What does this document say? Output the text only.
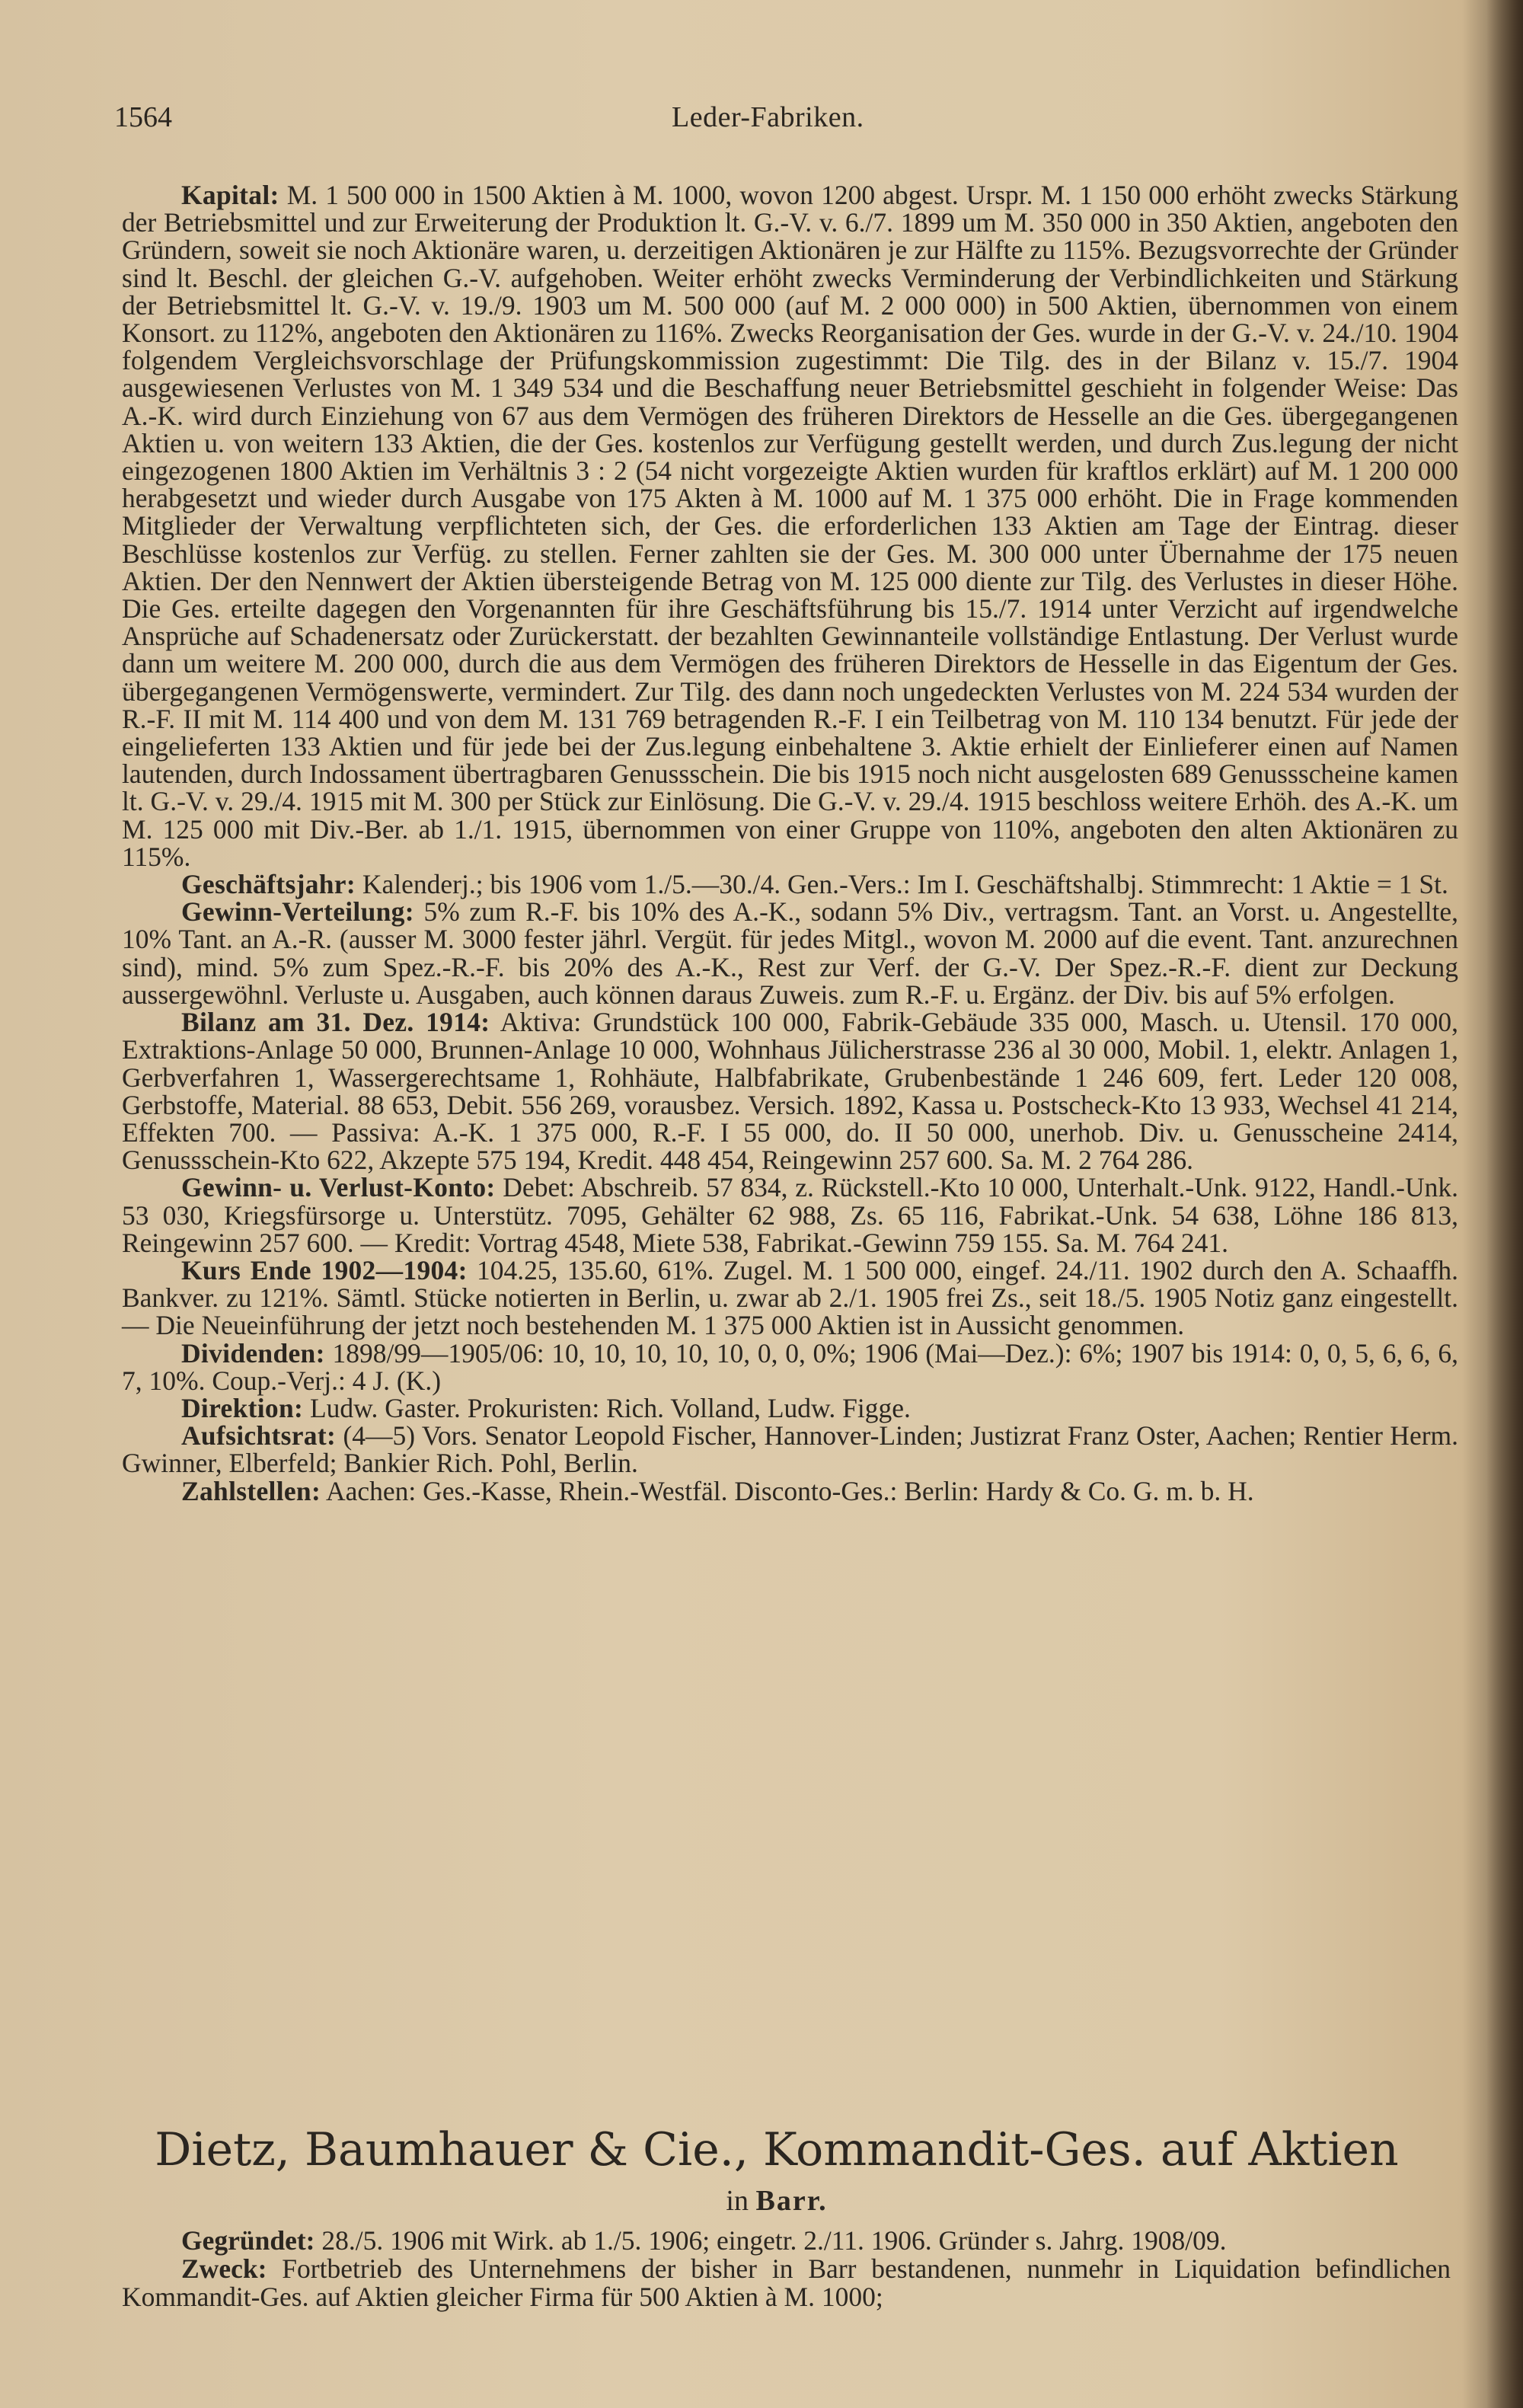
1564	Leder-Fabriken.

Kapital: M. 1 500 000 in 1500 Aktien à M. 1000, wovon 1200 abgest. Urspr. M. 1 150 000 erhöht zwecks Stärkung der Betriebsmittel und zur Erweiterung der Produktion lt. G.-V. v. 6./7. 1899 um M. 350 000 in 350 Aktien, angeboten den Gründern, soweit sie noch Aktionäre waren, u. derzeitigen Aktionären je zur Hälfte zu 115%. Bezugsvorrechte der Gründer sind lt. Beschl. der gleichen G.-V. aufgehoben. Weiter erhöht zwecks Verminderung der Verbindlichkeiten und Stärkung der Betriebsmittel lt. G.-V. v. 19./9. 1903 um M. 500 000 (auf M. 2 000 000) in 500 Aktien, übernommen von einem Konsort. zu 112%, angeboten den Aktionären zu 116%. Zwecks Reorganisation der Ges. wurde in der G.-V. v. 24./10. 1904 folgendem Vergleichsvorschlage der Prüfungskommission zugestimmt: Die Tilg. des in der Bilanz v. 15./7. 1904 ausgewiesenen Verlustes von M. 1 349 534 und die Beschaffung neuer Betriebsmittel geschieht in folgender Weise: Das A.-K. wird durch Einziehung von 67 aus dem Vermögen des früheren Direktors de Hesselle an die Ges. übergegangenen Aktien u. von weitern 133 Aktien, die der Ges. kostenlos zur Verfügung gestellt werden, und durch Zus.legung der nicht eingezogenen 1800 Aktien im Verhältnis 3 : 2 (54 nicht vorgezeigte Aktien wurden für kraftlos erklärt) auf M. 1 200 000 herabgesetzt und wieder durch Ausgabe von 175 Akten à M. 1000 auf M. 1 375 000 erhöht. Die in Frage kommenden Mitglieder der Verwaltung verpflichteten sich, der Ges. die erforderlichen 133 Aktien am Tage der Eintrag. dieser Beschlüsse kostenlos zur Verfüg. zu stellen. Ferner zahlten sie der Ges. M. 300 000 unter Übernahme der 175 neuen Aktien. Der den Nennwert der Aktien übersteigende Betrag von M. 125 000 diente zur Tilg. des Verlustes in dieser Höhe. Die Ges. erteilte dagegen den Vorgenannten für ihre Geschäftsführung bis 15./7. 1914 unter Verzicht auf irgendwelche Ansprüche auf Schadenersatz oder Zurückerstatt. der bezahlten Gewinnanteile vollständige Entlastung. Der Verlust wurde dann um weitere M. 200 000, durch die aus dem Vermögen des früheren Direktors de Hesselle in das Eigentum der Ges. übergegangenen Vermögenswerte, vermindert. Zur Tilg. des dann noch ungedeckten Verlustes von M. 224 534 wurden der R.-F. II mit M. 114 400 und von dem M. 131 769 betragenden R.-F. I ein Teilbetrag von M. 110 134 benutzt. Für jede der eingelieferten 133 Aktien und für jede bei der Zus.legung einbehaltene 3. Aktie erhielt der Einlieferer einen auf Namen lautenden, durch Indossament übertragbaren Genussschein. Die bis 1915 noch nicht ausgelosten 689 Genussscheine kamen lt. G.-V. v. 29./4. 1915 mit M. 300 per Stück zur Einlösung. Die G.-V. v. 29./4. 1915 beschloss weitere Erhöh. des A.-K. um M. 125 000 mit Div.-Ber. ab 1./1. 1915, übernommen von einer Gruppe von 110%, angeboten den alten Aktionären zu 115%.

Geschäftsjahr: Kalenderj.; bis 1906 vom 1./5.—30./4. Gen.-Vers.: Im I. Geschäftshalbj. Stimmrecht: 1 Aktie = 1 St.

Gewinn-Verteilung: 5% zum R.-F. bis 10% des A.-K., sodann 5% Div., vertragsm. Tant. an Vorst. u. Angestellte, 10% Tant. an A.-R. (ausser M. 3000 fester jährl. Vergüt. für jedes Mitgl., wovon M. 2000 auf die event. Tant. anzurechnen sind), mind. 5% zum Spez.-R.-F. bis 20% des A.-K., Rest zur Verf. der G.-V. Der Spez.-R.-F. dient zur Deckung aussergewöhnl. Verluste u. Ausgaben, auch können daraus Zuweis. zum R.-F. u. Ergänz. der Div. bis auf 5% erfolgen.

Bilanz am 31. Dez. 1914: Aktiva: Grundstück 100 000, Fabrik-Gebäude 335 000, Masch. u. Utensil. 170 000, Extraktions-Anlage 50 000, Brunnen-Anlage 10 000, Wohnhaus Jülicherstrasse 236 al 30 000, Mobil. 1, elektr. Anlagen 1, Gerbverfahren 1, Wassergerechtsame 1, Rohhäute, Halbfabrikate, Grubenbestände 1 246 609, fert. Leder 120 008, Gerbstoffe, Material. 88 653, Debit. 556 269, vorausbez. Versich. 1892, Kassa u. Postscheck-Kto 13 933, Wechsel 41 214, Effekten 700. — Passiva: A.-K. 1 375 000, R.-F. I 55 000, do. II 50 000, unerhob. Div. u. Genusscheine 2414, Genussschein-Kto 622, Akzepte 575 194, Kredit. 448 454, Reingewinn 257 600. Sa. M. 2 764 286.

Gewinn- u. Verlust-Konto: Debet: Abschreib. 57 834, z. Rückstell.-Kto 10 000, Unterhalt.-Unk. 9122, Handl.-Unk. 53 030, Kriegsfürsorge u. Unterstütz. 7095, Gehälter 62 988, Zs. 65 116, Fabrikat.-Unk. 54 638, Löhne 186 813, Reingewinn 257 600. — Kredit: Vortrag 4548, Miete 538, Fabrikat.-Gewinn 759 155. Sa. M. 764 241.

Kurs Ende 1902—1904: 104.25, 135.60, 61%. Zugel. M. 1 500 000, eingef. 24./11. 1902 durch den A. Schaaffh. Bankver. zu 121%. Sämtl. Stücke notierten in Berlin, u. zwar ab 2./1. 1905 frei Zs., seit 18./5. 1905 Notiz ganz eingestellt. — Die Neueinführung der jetzt noch bestehenden M. 1 375 000 Aktien ist in Aussicht genommen.

Dividenden: 1898/99—1905/06: 10, 10, 10, 10, 10, 0, 0, 0%; 1906 (Mai—Dez.): 6%; 1907 bis 1914: 0, 0, 5, 6, 6, 6, 7, 10%. Coup.-Verj.: 4 J. (K.)

Direktion: Ludw. Gaster. Prokuristen: Rich. Volland, Ludw. Figge.

Aufsichtsrat: (4—5) Vors. Senator Leopold Fischer, Hannover-Linden; Justizrat Franz Oster, Aachen; Rentier Herm. Gwinner, Elberfeld; Bankier Rich. Pohl, Berlin.

Zahlstellen: Aachen: Ges.-Kasse, Rhein.-Westfäl. Disconto-Ges.: Berlin: Hardy & Co. G. m. b. H.

Dietz, Baumhauer & Cie., Kommandit-Ges. auf Aktien
in Barr.

Gegründet: 28./5. 1906 mit Wirk. ab 1./5. 1906; eingetr. 2./11. 1906. Gründer s. Jahrg. 1908/09.

Zweck: Fortbetrieb des Unternehmens der bisher in Barr bestandenen, nunmehr in Liquidation befindlichen Kommandit-Ges. auf Aktien gleicher Firma für 500 Aktien à M. 1000;
